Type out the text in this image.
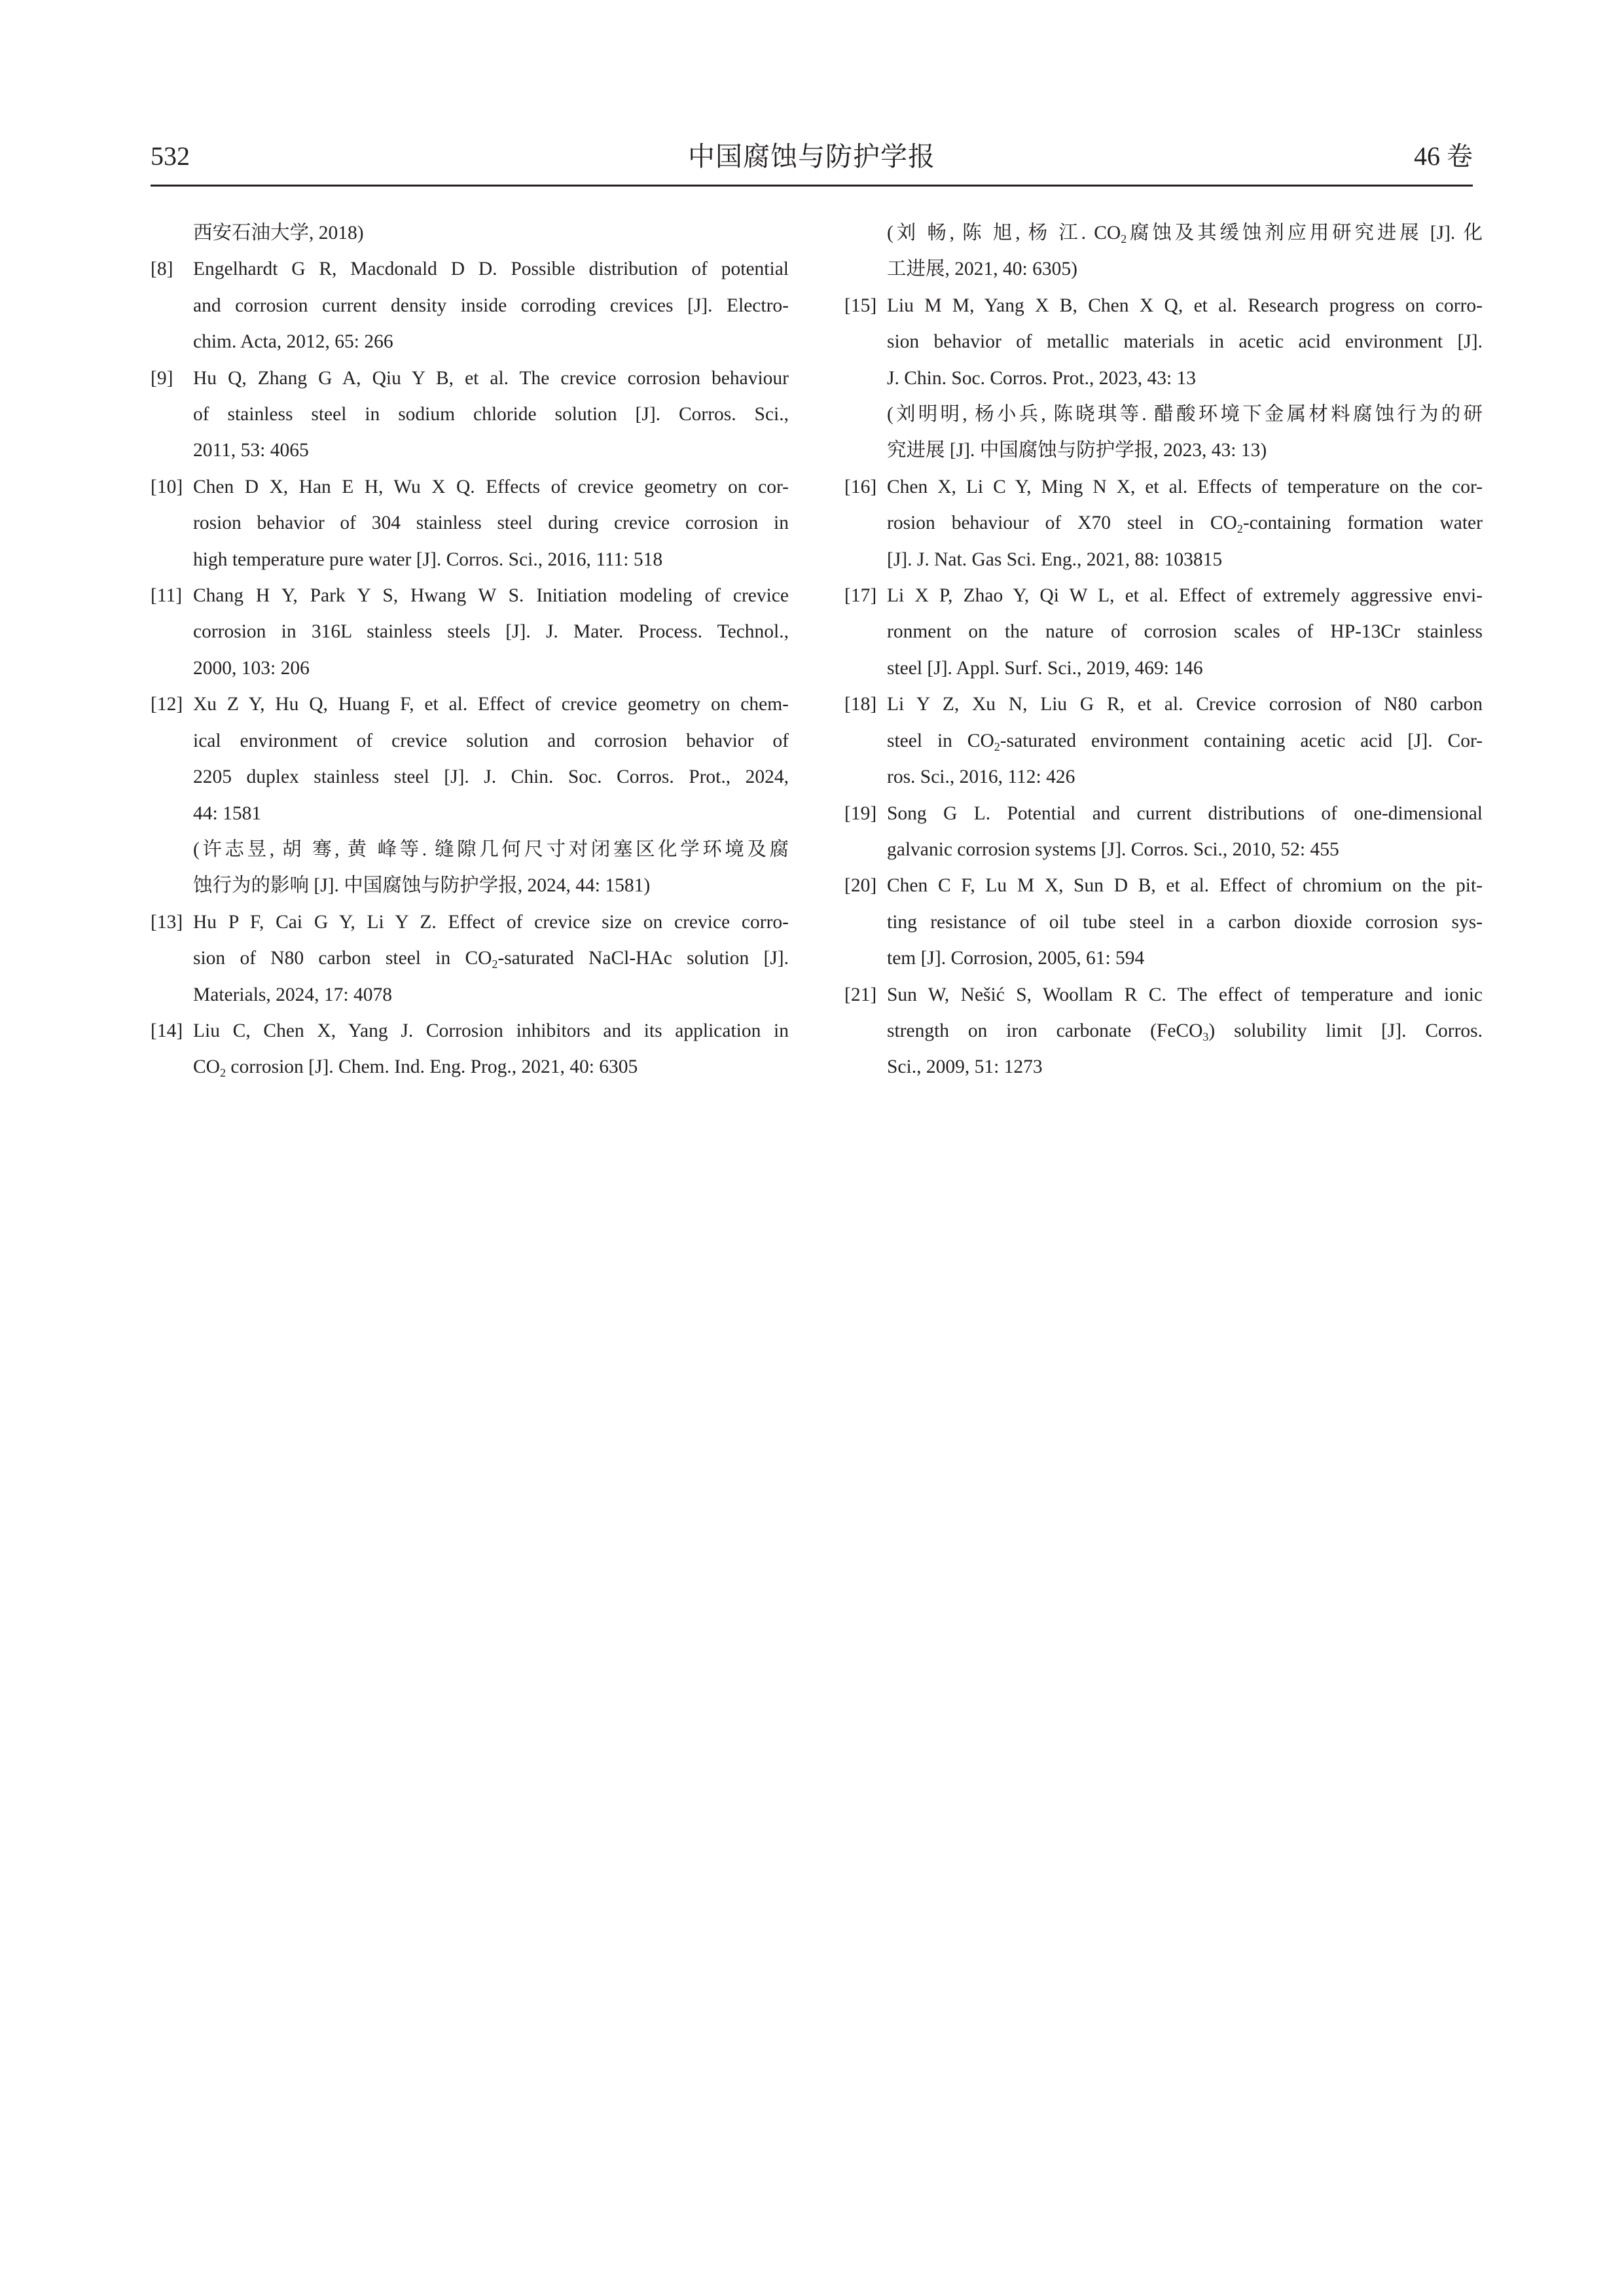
532	中国腐蚀与防护学报	46 卷
西安石油大学, 2018)
[8] Engelhardt G R, Macdonald D D. Possible distribution of potential
and corrosion current density inside corroding crevices [J]. Electro-
chim. Acta, 2012, 65: 266
[9] Hu Q, Zhang G A, Qiu Y B, et al. The crevice corrosion behaviour
of stainless steel in sodium chloride solution [J]. Corros. Sci.,
2011, 53: 4065
[10] Chen D X, Han E H, Wu X Q. Effects of crevice geometry on cor-
rosion behavior of 304 stainless steel during crevice corrosion in
high temperature pure water [J]. Corros. Sci., 2016, 111: 518
[11] Chang H Y, Park Y S, Hwang W S. Initiation modeling of crevice
corrosion in 316L stainless steels [J]. J. Mater. Process. Technol.,
2000, 103: 206
[12] Xu Z Y, Hu Q, Huang F, et al. Effect of crevice geometry on chem-
ical environment of crevice solution and corrosion behavior of
2205 duplex stainless steel [J]. J. Chin. Soc. Corros. Prot., 2024,
44: 1581
(许志昱, 胡 骞, 黄 峰等. 缝隙几何尺寸对闭塞区化学环境及腐
蚀行为的影响 [J]. 中国腐蚀与防护学报, 2024, 44: 1581)
[13] Hu P F, Cai G Y, Li Y Z. Effect of crevice size on crevice corro-
sion of N80 carbon steel in $CO_2$-saturated NaCl-HAc solution [J].
Materials, 2024, 17: 4078
[14] Liu C, Chen X, Yang J. Corrosion inhibitors and its application in
$CO_2$ corrosion [J]. Chem. Ind. Eng. Prog., 2021, 40: 6305
(刘 畅, 陈 旭, 杨 江. $CO_2$腐蚀及其缓蚀剂应用研究进展 [J]. 化
工进展, 2021, 40: 6305)
[15] Liu M M, Yang X B, Chen X Q, et al. Research progress on corro-
sion behavior of metallic materials in acetic acid environment [J].
J. Chin. Soc. Corros. Prot., 2023, 43: 13
(刘明明, 杨小兵, 陈晓琪等. 醋酸环境下金属材料腐蚀行为的研
究进展 [J]. 中国腐蚀与防护学报, 2023, 43: 13)
[16] Chen X, Li C Y, Ming N X, et al. Effects of temperature on the cor-
rosion behaviour of X70 steel in $CO_2$-containing formation water
[J]. J. Nat. Gas Sci. Eng., 2021, 88: 103815
[17] Li X P, Zhao Y, Qi W L, et al. Effect of extremely aggressive envi-
ronment on the nature of corrosion scales of HP-13Cr stainless
steel [J]. Appl. Surf. Sci., 2019, 469: 146
[18] Li Y Z, Xu N, Liu G R, et al. Crevice corrosion of N80 carbon
steel in $CO_2$-saturated environment containing acetic acid [J]. Cor-
ros. Sci., 2016, 112: 426
[19] Song G L. Potential and current distributions of one-dimensional
galvanic corrosion systems [J]. Corros. Sci., 2010, 52: 455
[20] Chen C F, Lu M X, Sun D B, et al. Effect of chromium on the pit-
ting resistance of oil tube steel in a carbon dioxide corrosion sys-
tem [J]. Corrosion, 2005, 61: 594
[21] Sun W, Nešić S, Woollam R C. The effect of temperature and ionic
strength on iron carbonate (FeCO$_3$) solubility limit [J]. Corros.
Sci., 2009, 51: 1273
